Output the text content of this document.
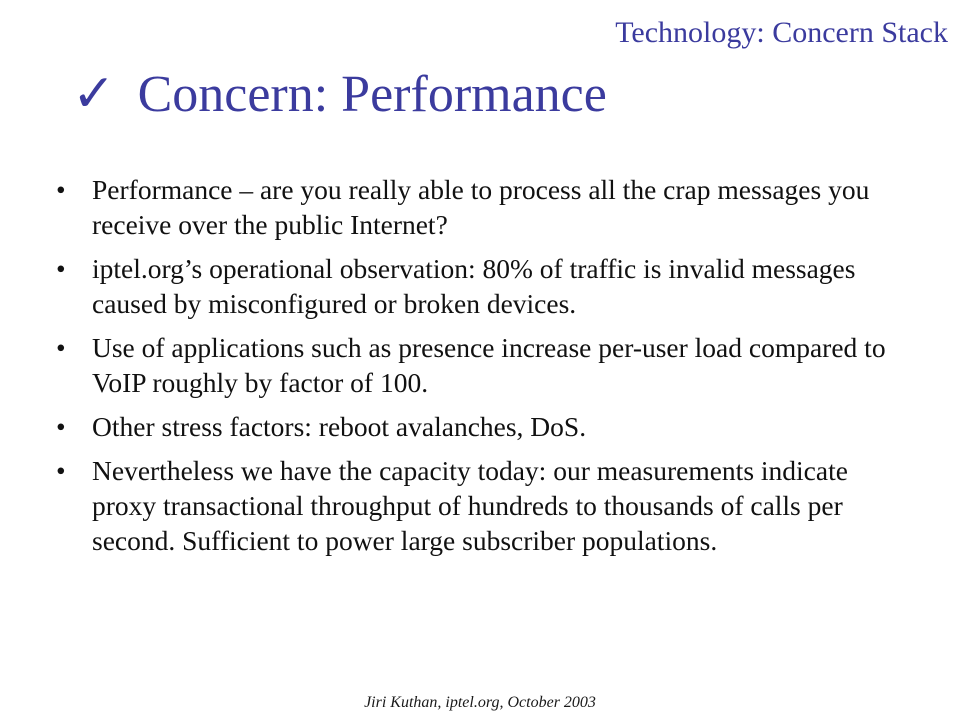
Technology: Concern Stack
✓ Concern: Performance
• Performance – are you really able to process all the crap messages you receive over the public Internet?
• iptel.org’s operational observation: 80% of traffic is invalid messages caused by misconfigured or broken devices.
• Use of applications such as presence increase per-user load compared to VoIP roughly by factor of 100.
• Other stress factors: reboot avalanches, DoS.
• Nevertheless we have the capacity today: our measurements indicate proxy transactional throughput of hundreds to thousands of calls per second. Sufficient to power large subscriber populations.
Jiri Kuthan, iptel.org, October 2003
